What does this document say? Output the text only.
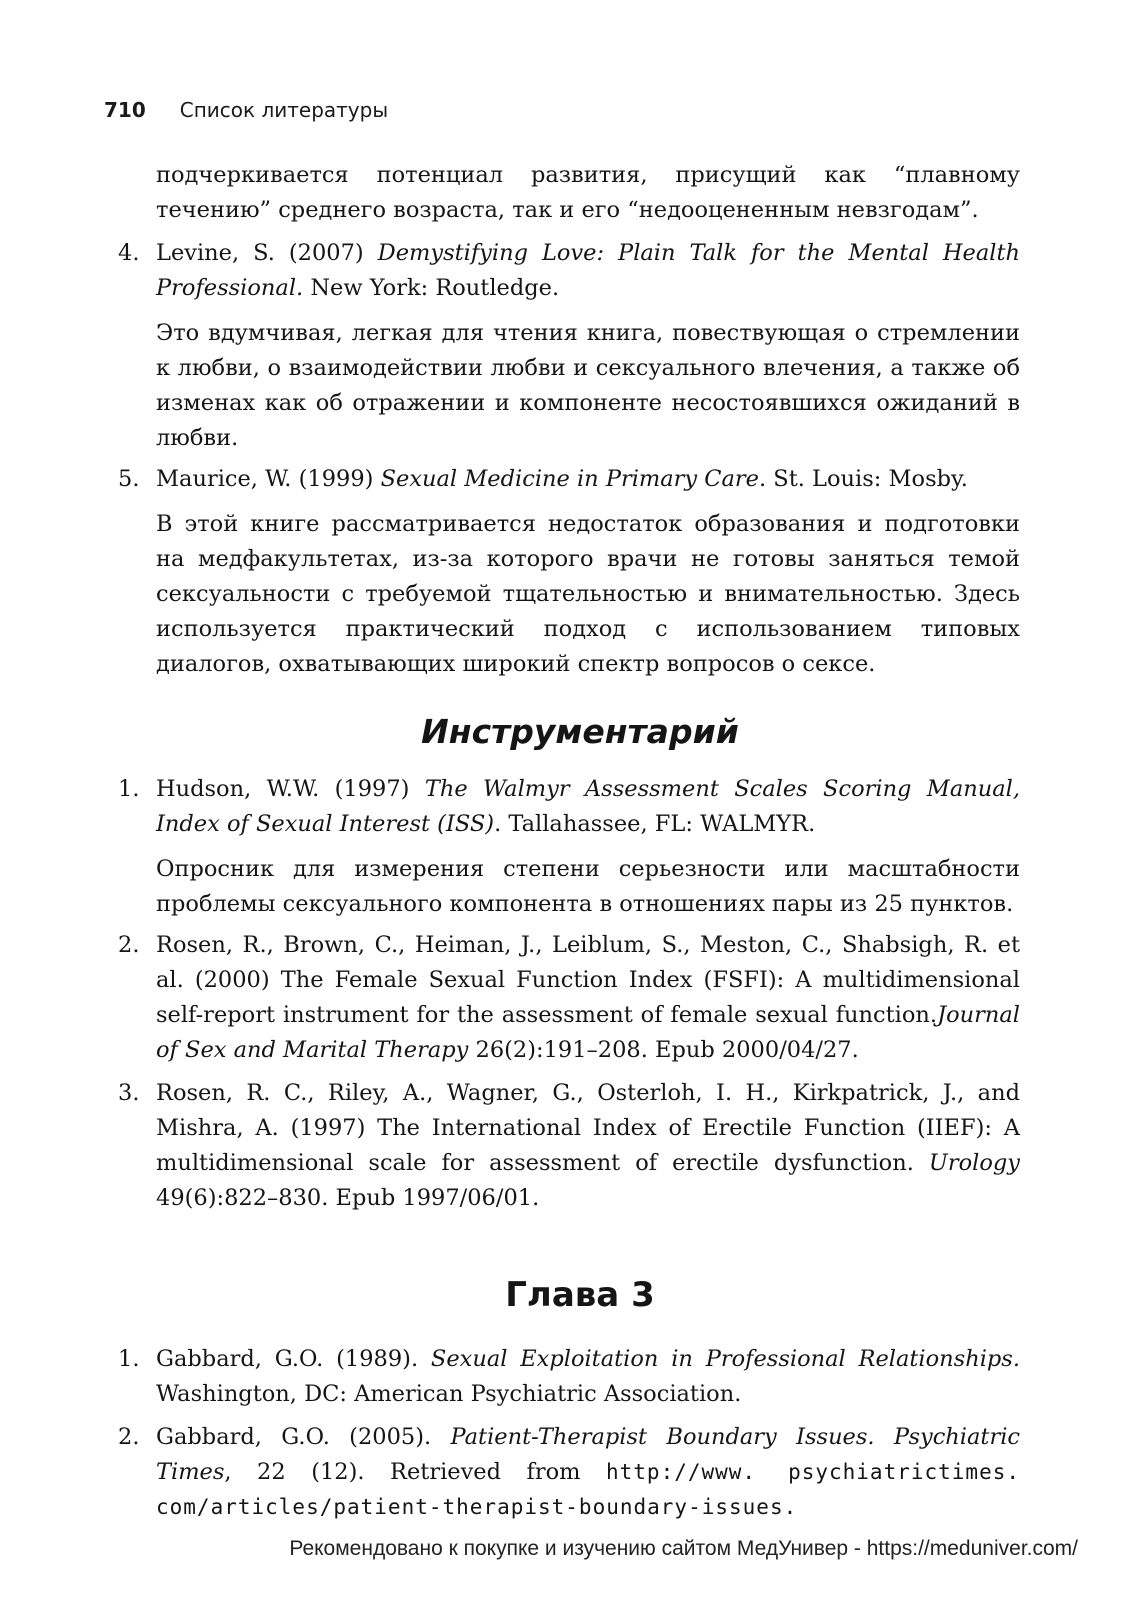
710 Список литературы

подчеркивается потенциал развития, присущий как “плавному течению” среднего возраста, так и его “недооцененным невзгодам”.

4. Levine, S. (2007) Demystifying Love: Plain Talk for the Mental Health Professional. New York: Routledge.

Это вдумчивая, легкая для чтения книга, повествующая о стремлении к любви, о взаимодействии любви и сексуального влечения, а также об изменах как об отражении и компоненте несостоявшихся ожиданий в любви.

5. Maurice, W. (1999) Sexual Medicine in Primary Care. St. Louis: Mosby.

В этой книге рассматривается недостаток образования и подготовки на медфакультетах, из-за которого врачи не готовы заняться темой сексуальности с требуемой тщательностью и внимательностью. Здесь используется практический подход с использованием типовых диалогов, охватывающих широкий спектр вопросов о сексе.

Инструментарий

1. Hudson, W.W. (1997) The Walmyr Assessment Scales Scoring Manual, Index of Sexual Interest (ISS). Tallahassee, FL: WALMYR.

Опросник для измерения степени серьезности или масштабности проблемы сексуального компонента в отношениях пары из 25 пунктов.

2. Rosen, R., Brown, C., Heiman, J., Leiblum, S., Meston, C., Shabsigh, R. et al. (2000) The Female Sexual Function Index (FSFI): A multidimensional self-report instrument for the assessment of female sexual function.Journal of Sex and Marital Therapy 26(2):191–208. Epub 2000/04/27.

3. Rosen, R. C., Riley, A., Wagner, G., Osterloh, I. H., Kirkpatrick, J., and Mishra, A. (1997) The International Index of Erectile Function (IIEF): A multidimensional scale for assessment of erectile dysfunction. Urology 49(6):822–830. Epub 1997/06/01.

Глава 3

1. Gabbard, G.O. (1989). Sexual Exploitation in Professional Relationships. Washington, DC: American Psychiatric Association.

2. Gabbard, G.O. (2005). Patient-Therapist Boundary Issues. Psychiatric Times, 22 (12). Retrieved from http://www. psychiatrictimes. com/articles/patient-therapist-boundary-issues.

Рекомендовано к покупке и изучению сайтом МедУнивер - https://meduniver.com/
